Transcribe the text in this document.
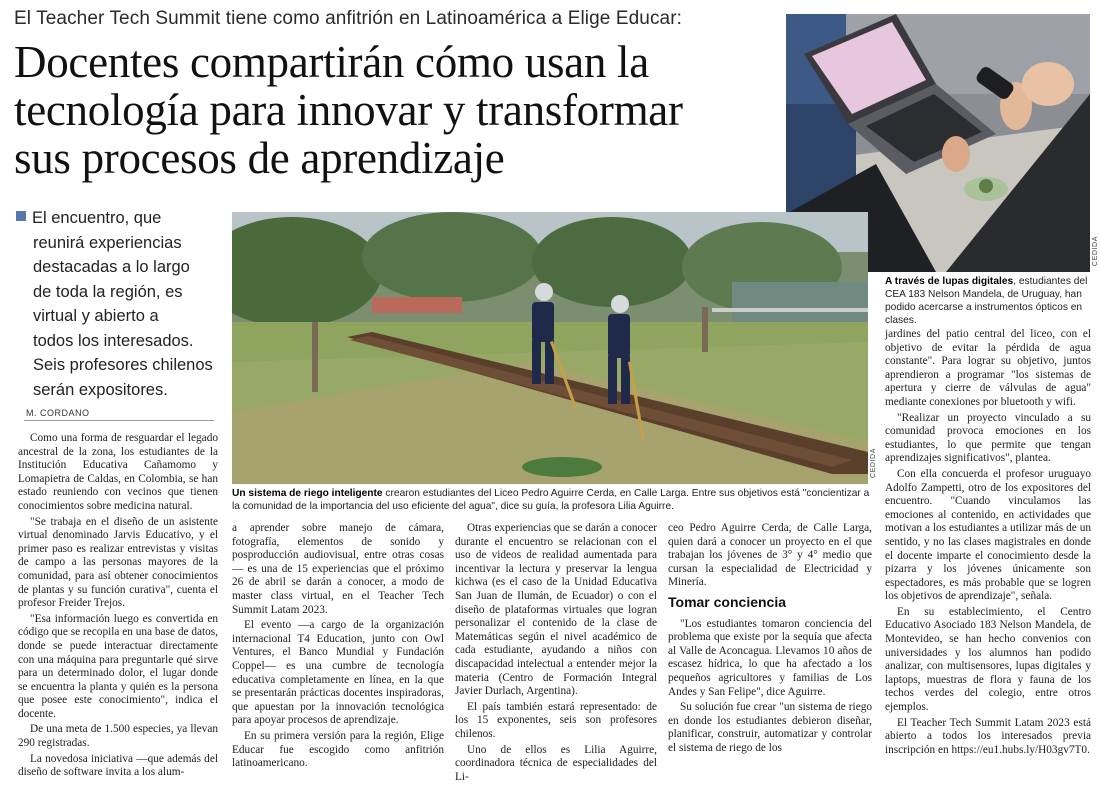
El Teacher Tech Summit tiene como anfitrión en Latinoamérica a Elige Educar:
Docentes compartirán cómo usan la
tecnología para innovar y transformar
sus procesos de aprendizaje
CEDIDA
A través de lupas digitales, estudiantes del CEA 183 Nelson Mandela, de Uruguay, han podido acercarse a instrumentos ópticos en clases.
El encuentro, que
reunirá experiencias
destacadas a lo largo
de toda la región, es
virtual y abierto a
todos los interesados.
Seis profesores chilenos
serán expositores.
CEDIDA
Un sistema de riego inteligente crearon estudiantes del Liceo Pedro Aguirre Cerda, en Calle Larga. Entre sus objetivos está "concientizar a la comunidad de la importancia del uso eficiente del agua", dice su guía, la profesora Lilia Aguirre.
M. CORDANO

Como una forma de resguardar el legado ancestral de la zona, los estudiantes de la Institución Educativa Cañamomo y Lomapietra de Caldas, en Colombia, se han estado reuniendo con vecinos que tienen conocimientos sobre medicina natural.

"Se trabaja en el diseño de un asistente virtual denominado Jarvis Educativo, y el primer paso es realizar entrevistas y visitas de campo a las personas mayores de la comunidad, para así obtener conocimientos de plantas y su función curativa", cuenta el profesor Freider Trejos.

"Esa información luego es convertida en código que se recopila en una base de datos, donde se puede interactuar directamente con una máquina para preguntarle qué sirve para un determinado dolor, el lugar donde se encuentra la planta y quién es la persona que posee este conocimiento", indica el docente.

De una meta de 1.500 especies, ya llevan 290 registradas.

La novedosa iniciativa —que además del diseño de software invita a los alum-

a aprender sobre manejo de cámara, fotografía, elementos de sonido y posproducción audiovisual, entre otras cosas— es una de 15 experiencias que el próximo 26 de abril se darán a conocer, a modo de master class virtual, en el Teacher Tech Summit Latam 2023.

El evento —a cargo de la organización internacional T4 Education, junto con Owl Ventures, el Banco Mundial y Fundación Coppel— es una cumbre de tecnología educativa completamente en línea, en la que se presentarán prácticas docentes inspiradoras, que apuestan por la innovación tecnológica para apoyar procesos de aprendizaje.

En su primera versión para la región, Elige Educar fue escogido como anfitrión latinoamericano.

Otras experiencias que se darán a conocer durante el encuentro se relacionan con el uso de videos de realidad aumentada para incentivar la lectura y preservar la lengua kichwa (es el caso de la Unidad Educativa San Juan de Ilumán, de Ecuador) o con el diseño de plataformas virtuales que logran personalizar el contenido de la clase de Matemáticas según el nivel académico de cada estudiante, ayudando a niños con discapacidad intelectual a entender mejor la materia (Centro de Formación Integral Javier Durlach, Argentina).

El país también estará representado: de los 15 exponentes, seis son profesores chilenos.

Uno de ellos es Lilia Aguirre, coordinadora técnica de especialidades del Li-

ceo Pedro Aguirre Cerda, de Calle Larga, quien dará a conocer un proyecto en el que trabajan los jóvenes de 3° y 4° medio que cursan la especialidad de Electricidad y Minería.

Tomar conciencia

"Los estudiantes tomaron conciencia del problema que existe por la sequía que afecta al Valle de Aconcagua. Llevamos 10 años de escasez hídrica, lo que ha afectado a los pequeños agricultores y familias de Los Andes y San Felipe", dice Aguirre.

Su solución fue crear "un sistema de riego en donde los estudiantes debieron diseñar, planificar, construir, automatizar y controlar el sistema de riego de los

jardines del patio central del liceo, con el objetivo de evitar la pérdida de agua constante". Para lograr su objetivo, juntos aprendieron a programar "los sistemas de apertura y cierre de válvulas de agua" mediante conexiones por bluetooth y wifi.

"Realizar un proyecto vinculado a su comunidad provoca emociones en los estudiantes, lo que permite que tengan aprendizajes significativos", plantea.

Con ella concuerda el profesor uruguayo Adolfo Zampetti, otro de los expositores del encuentro. "Cuando vinculamos las emociones al contenido, en actividades que motivan a los estudiantes a utilizar más de un sentido, y no las clases magistrales en donde el docente imparte el conocimiento desde la pizarra y los jóvenes únicamente son espectadores, es más probable que se logren los objetivos de aprendizaje", señala.

En su establecimiento, el Centro Educativo Asociado 183 Nelson Mandela, de Montevideo, se han hecho convenios con universidades y los alumnos han podido analizar, con multisensores, lupas digitales y laptops, muestras de flora y fauna de los techos verdes del colegio, entre otros ejemplos.

El Teacher Tech Summit Latam 2023 está abierto a todos los interesados previa inscripción en https://eu1.hubs.ly/H03gv7T0.
